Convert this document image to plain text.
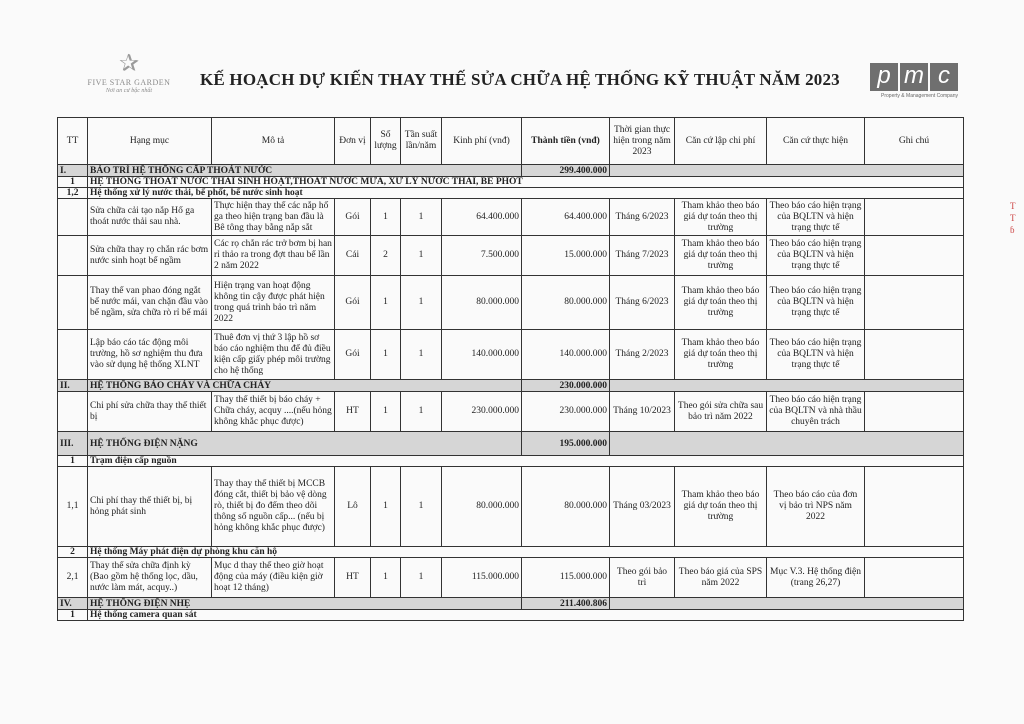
✰
FIVE STAR GARDEN
Nơi an cư bậc nhất
KẾ HOẠCH DỰ KIẾN THAY THẾ SỬA CHỮA HỆ THỐNG KỸ THUẬT NĂM 2023	p m c
Property & Management Company
T
T
ɓ
TT	Hạng mục	Mô tả	Đơn vị	Số lượng	Tần suất lần/năm	Kinh phí (vnđ)	Thành tiền (vnđ)	Thời gian thực hiện trong năm 2023	Căn cứ lập chi phí	Căn cứ thực hiện	Ghi chú
I.	BẢO TRÌ HỆ THỐNG CẤP THOÁT NƯỚC						299.400.000				
1	HỆ THỐNG THOÁT NƯỚC THẢI SINH HOẠT,THOÁT NƯỚC MƯA, XỬ LÝ NƯỚC THẢI, BỂ PHỐT										
1,2	Hệ thống xử lý nước thải, bể phốt, bể nước sinh hoạt										
	Sửa chữa cải tạo nắp Hố ga thoát nước thải sau nhà.	Thực hiện thay thế các nắp hố ga theo hiện trạng ban đầu là Bê tông thay bằng nắp sắt	Gói	1	1	64.400.000	64.400.000	Tháng 6/2023	Tham khảo theo báo giá dự toán theo thị trường	Theo báo cáo hiện trạng của BQLTN và hiện trạng thực tế	
	Sửa chữa thay rọ chắn rác bơm nước sinh hoạt bể ngầm	Các rọ chắn rác trở bơm bị han rỉ thảo ra trong đợt thau bể lần 2 năm 2022	Cái	2	1	7.500.000	15.000.000	Tháng 7/2023	Tham khảo theo báo giá dự toán theo thị trường	Theo báo cáo hiện trạng của BQLTN và hiện trạng thực tế	
	Thay thế van phao đóng ngắt bể nước mái, van chặn đầu vào bể ngầm, sửa chữa rò rỉ bể mái	Hiện trạng van hoạt động không tin cậy được phát hiện trong quá trình bảo trì năm 2022	Gói	1	1	80.000.000	80.000.000	Tháng 6/2023	Tham khảo theo báo giá dự toán theo thị trường	Theo báo cáo hiện trạng của BQLTN và hiện trạng thực tế	
	Lập báo cáo tác động môi trường, hồ sơ nghiệm thu đưa vào sử dụng hệ thống XLNT	Thuê đơn vị thứ 3 lập hồ sơ báo cáo nghiệm thu để đủ điều kiện cấp giấy phép môi trường cho hệ thống	Gói	1	1	140.000.000	140.000.000	Tháng 2/2023	Tham khảo theo báo giá dự toán theo thị trường	Theo báo cáo hiện trạng của BQLTN và hiện trạng thực tế	
II.	HỆ THỐNG BÁO CHÁY VÀ CHỮA CHÁY						230.000.000				
	Chi phí sửa chữa thay thế thiết bị	Thay thế thiết bị báo cháy + Chữa cháy, acquy ....(nếu hỏng không khắc phục được)	HT	1	1	230.000.000	230.000.000	Tháng 10/2023	Theo gói sửa chữa sau bảo trì năm 2022	Theo báo cáo hiện trạng của BQLTN và nhà thầu chuyên trách	
III.	HỆ THỐNG ĐIỆN NẶNG						195.000.000				
1	Trạm điện cấp nguồn										
1,1	Chi phí thay thế thiết bị, bị hỏng phát sinh	Thay thay thế thiết bị MCCB đóng cắt, thiết bị bảo vệ dòng rò, thiết bị đo đếm theo dõi thông số nguồn cấp... (nếu bị hỏng không khắc phục được)	Lô	1	1	80.000.000	80.000.000	Tháng 03/2023	Tham khảo theo báo giá dự toán theo thị trường	Theo báo cáo của đơn vị bảo trì NPS năm 2022	
2	Hệ thống Máy phát điện dự phòng khu căn hộ										
2,1	Thay thế sửa chữa định kỳ (Bao gồm hệ thống lọc, dầu, nước làm mát, acquy..)	Mục d thay thế theo giờ hoạt động của máy (điều kiện giờ hoạt 12 tháng)	HT	1	1	115.000.000	115.000.000	Theo gói bảo trì	Theo báo giá của SPS năm 2022	Mục V.3. Hệ thống điện (trang 26,27)	
IV.	HỆ THỐNG ĐIỆN NHẸ						211.400.806				
1	Hệ thống camera quan sát										
